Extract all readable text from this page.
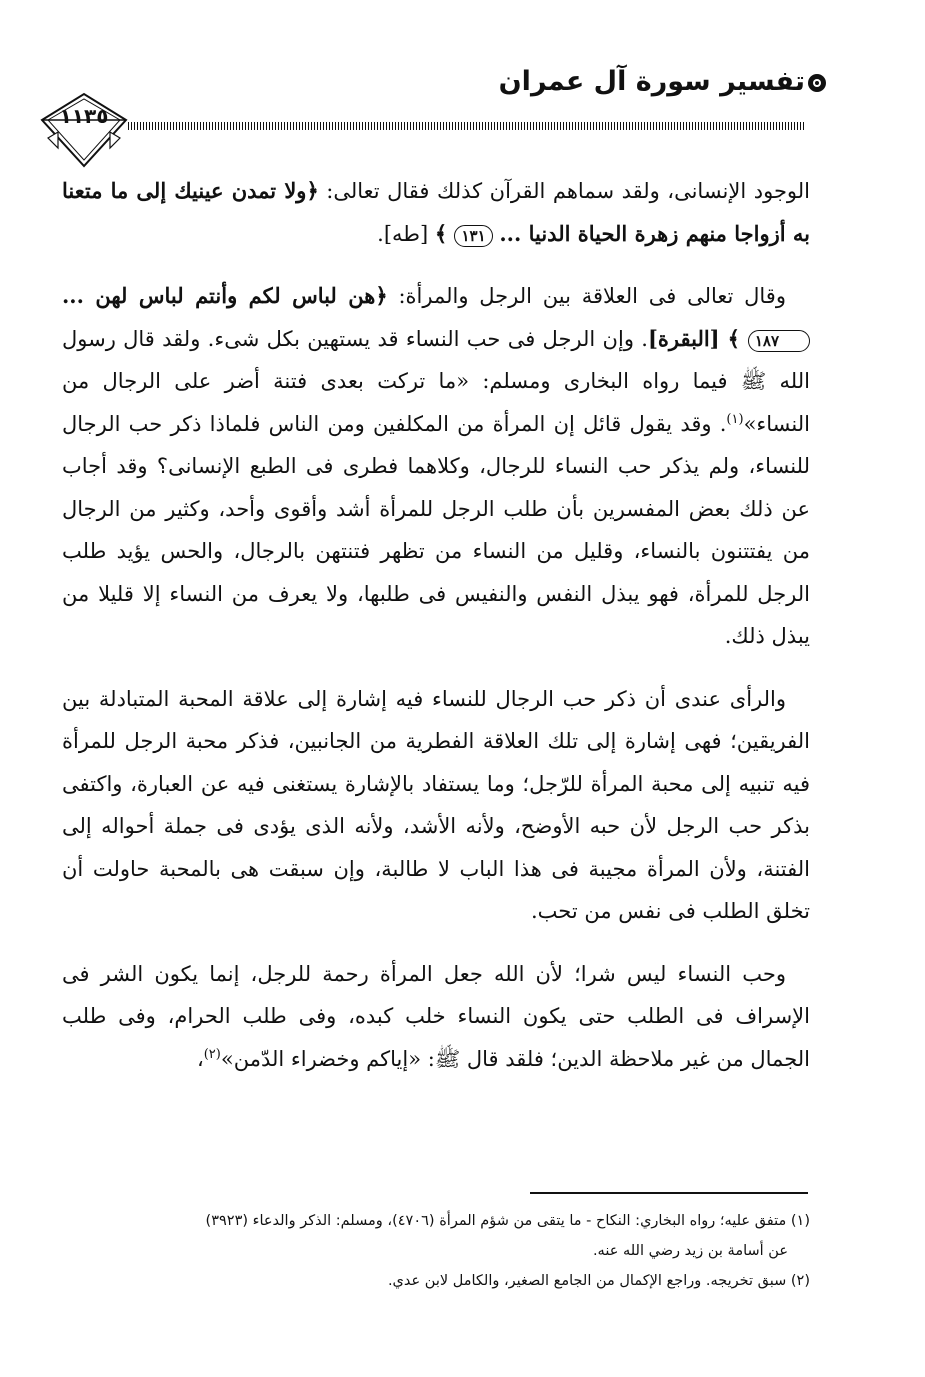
تفسير سورة آل عمران
١١٣٥

الوجود الإنسانى، ولقد سماهم القرآن كذلك فقال تعالى: ﴿ولا تمدن عينيك إلى ما متعنا به أزواجا منهم زهرة الحياة الدنيا ... ١٣١ ﴾ [طه].

وقال تعالى فى العلاقة بين الرجل والمرأة: ﴿هن لباس لكم وأنتم لباس لهن ... ١٨٧ ﴾ [البقرة]. وإن الرجل فى حب النساء قد يستهين بكل شىء. ولقد قال رسول الله ﷺ فيما رواه البخارى ومسلم: «ما تركت بعدى فتنة أضر على الرجال من النساء»$^{(١)}$. وقد يقول قائل إن المرأة من المكلفين ومن الناس فلماذا ذكر حب الرجال للنساء، ولم يذكر حب النساء للرجال، وكلاهما فطرى فى الطبع الإنسانى؟ وقد أجاب عن ذلك بعض المفسرين بأن طلب الرجل للمرأة أشد وأقوى وأحد، وكثير من الرجال من يفتتنون بالنساء، وقليل من النساء من تظهر فتنتهن بالرجال، والحس يؤيد طلب الرجل للمرأة، فهو يبذل النفس والنفيس فى طلبها، ولا يعرف من النساء إلا قليلا من يبذل ذلك.

والرأى عندى أن ذكر حب الرجال للنساء فيه إشارة إلى علاقة المحبة المتبادلة بين الفريقين؛ فهى إشارة إلى تلك العلاقة الفطرية من الجانبين، فذكر محبة الرجل للمرأة فيه تنبيه إلى محبة المرأة للرّجل؛ وما يستفاد بالإشارة يستغنى فيه عن العبارة، واكتفى بذكر حب الرجل لأن حبه الأوضح، ولأنه الأشد، ولأنه الذى يؤدى فى جملة أحواله إلى الفتنة، ولأن المرأة مجيبة فى هذا الباب لا طالبة، وإن سبقت هى بالمحبة حاولت أن تخلق الطلب فى نفس من تحب.

وحب النساء ليس شرا؛ لأن الله جعل المرأة رحمة للرجل، إنما يكون الشر فى الإسراف فى الطلب حتى يكون النساء خلب كبده، وفى طلب الحرام، وفى طلب الجمال من غير ملاحظة الدين؛ فلقد قال ﷺ: «إياكم وخضراء الدّمن»$^{(٢)}$،

(١) متفق عليه؛ رواه البخاري: النكاح - ما يتقى من شؤم المرأة (٤٧٠٦)، ومسلم: الذكر والدعاء (٣٩٢٣)

عن أسامة بن زيد رضي الله عنه.

(٢) سبق تخريجه. وراجع الإكمال من الجامع الصغير، والكامل لابن عدي.
